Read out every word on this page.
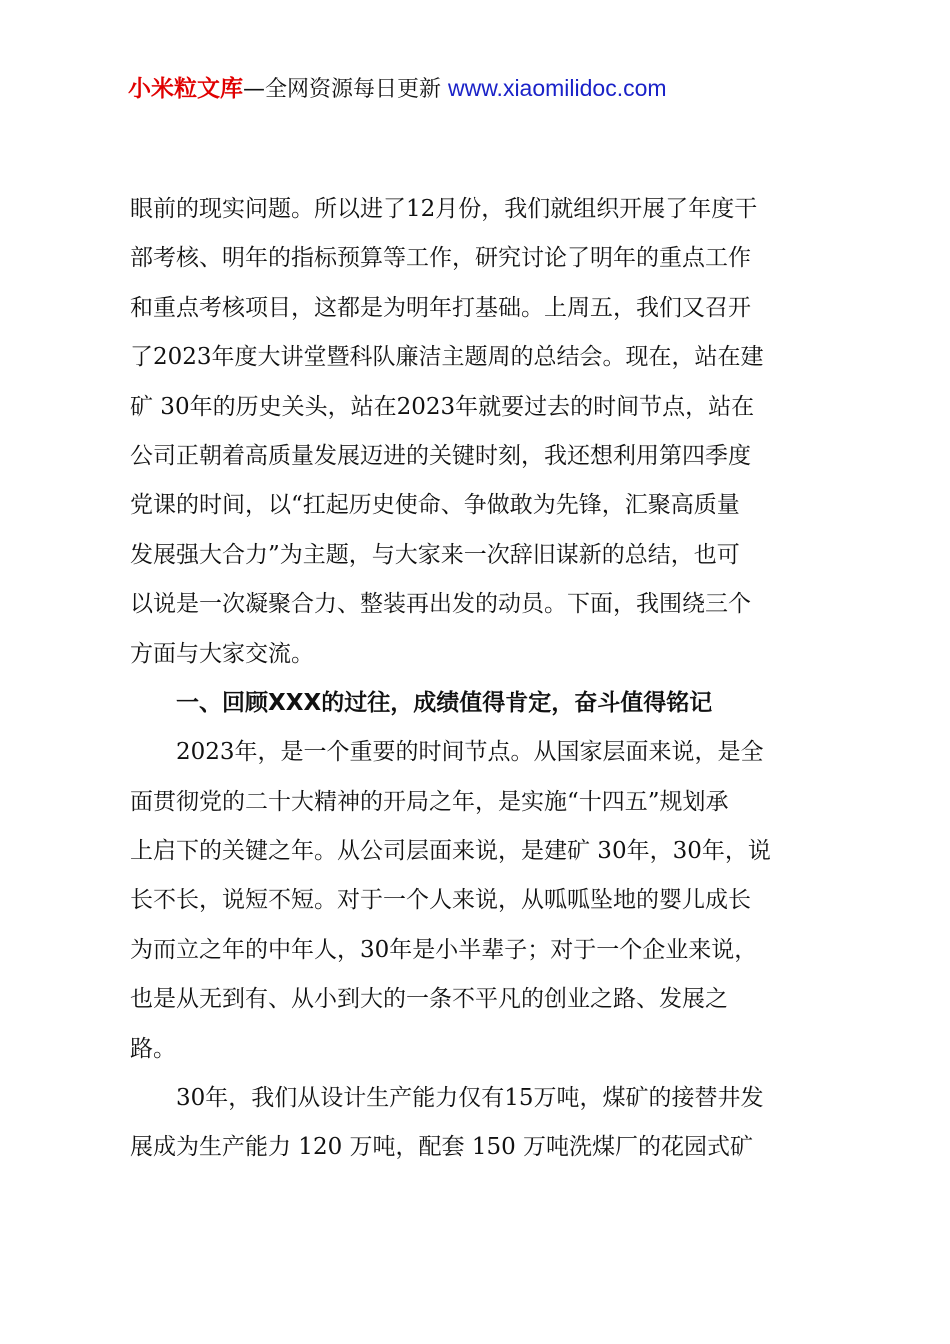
小米粒文库—全网资源每日更新 www.xiaomilidoc.com
眼前的现实问题。所以进了12月份，我们就组织开展了年度干
部考核、明年的指标预算等工作，研究讨论了明年的重点工作
和重点考核项目，这都是为明年打基础。上周五，我们又召开
了2023年度大讲堂暨科队廉洁主题周的总结会。现在，站在建
矿 30年的历史关头，站在2023年就要过去的时间节点，站在
公司正朝着高质量发展迈进的关键时刻，我还想利用第四季度
党课的时间，以“扛起历史使命、争做敢为先锋，汇聚高质量
发展强大合力”为主题，与大家来一次辞旧谋新的总结，也可
以说是一次凝聚合力、整装再出发的动员。下面，我围绕三个
方面与大家交流。
一、回顾XXX的过往，成绩值得肯定，奋斗值得铭记
2023年，是一个重要的时间节点。从国家层面来说，是全
面贯彻党的二十大精神的开局之年，是实施“十四五”规划承
上启下的关键之年。从公司层面来说，是建矿 30年，30年，说
长不长，说短不短。对于一个人来说，从呱呱坠地的婴儿成长
为而立之年的中年人，30年是小半辈子；对于一个企业来说，
也是从无到有、从小到大的一条不平凡的创业之路、发展之
路。
30年，我们从设计生产能力仅有15万吨，煤矿的接替井发
展成为生产能力 120 万吨，配套 150 万吨洗煤厂的花园式矿
